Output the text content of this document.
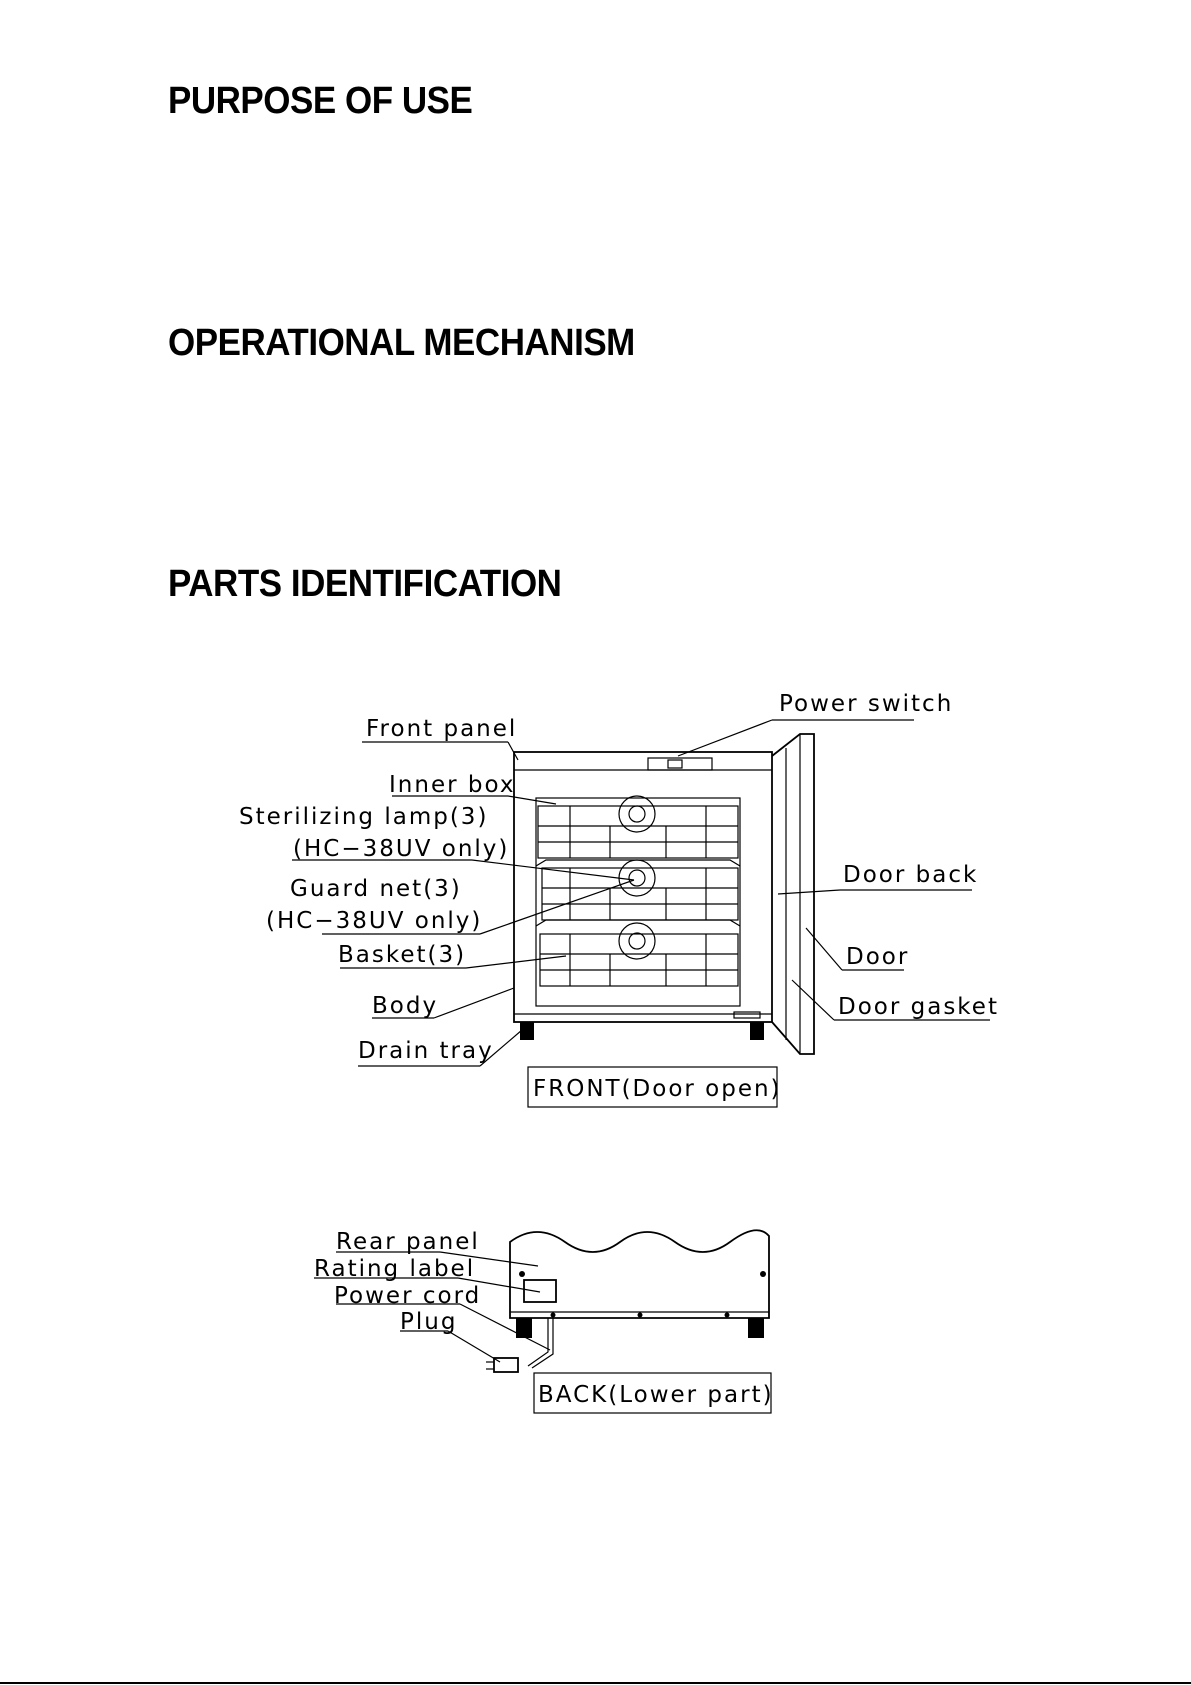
PURPOSE OF USE
OPERATIONAL MECHANISM
PARTS IDENTIFICATION
Front panel
Inner box
Sterilizing lamp(3)
(HC−38UV only)
Guard net(3)
(HC−38UV only)
Basket(3)
Body
Drain tray
Power switch
Door back
Door
Door gasket
FRONT(Door open)
Rear panel
Rating label
Power cord
Plug
BACK(Lower part)
